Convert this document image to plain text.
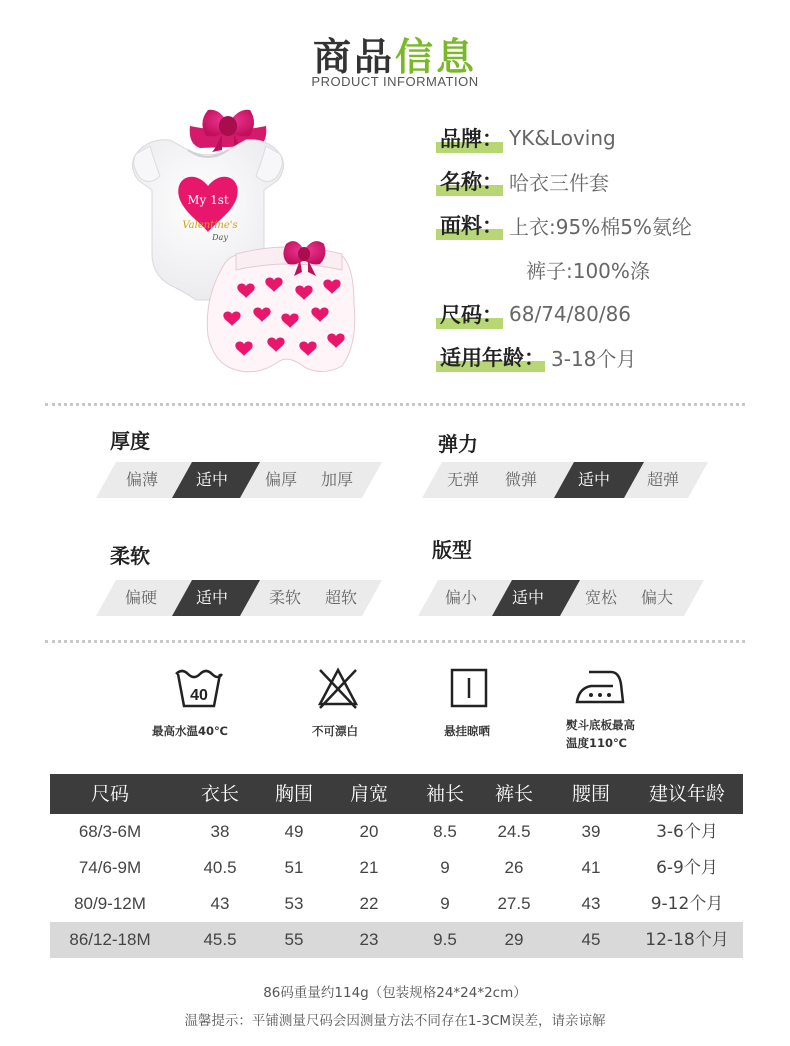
商品信息
PRODUCT INFORMATION
My 1st
Valentine's
Day
品牌： YK&Loving
名称： 哈衣三件套
面料： 上衣:95%棉5%氨纶
裤子:100%涤
尺码： 68/74/80/86
适用年龄： 3-18个月
厚度	弹力
柔软	版型
偏薄	适中	偏厚	加厚	无弹	微弹	适中	超弹
偏硬	适中	柔软	超软	偏小	适中	宽松	偏大
40
最高水温40℃	不可漂白	悬挂晾晒	熨斗底板最高
温度110℃
尺码	衣长	胸围	肩宽	袖长	裤长	腰围	建议年龄
68/3-6M	38	49	20	8.5	24.5	39	3-6个月
74/6-9M	40.5	51	21	9	26	41	6-9个月
80/9-12M	43	53	22	9	27.5	43	9-12个月
86/12-18M	45.5	55	23	9.5	29	45	12-18个月
86码重量约114g（包装规格24*24*2cm）
温馨提示：平铺测量尺码会因测量方法不同存在1-3CM误差，请亲谅解
